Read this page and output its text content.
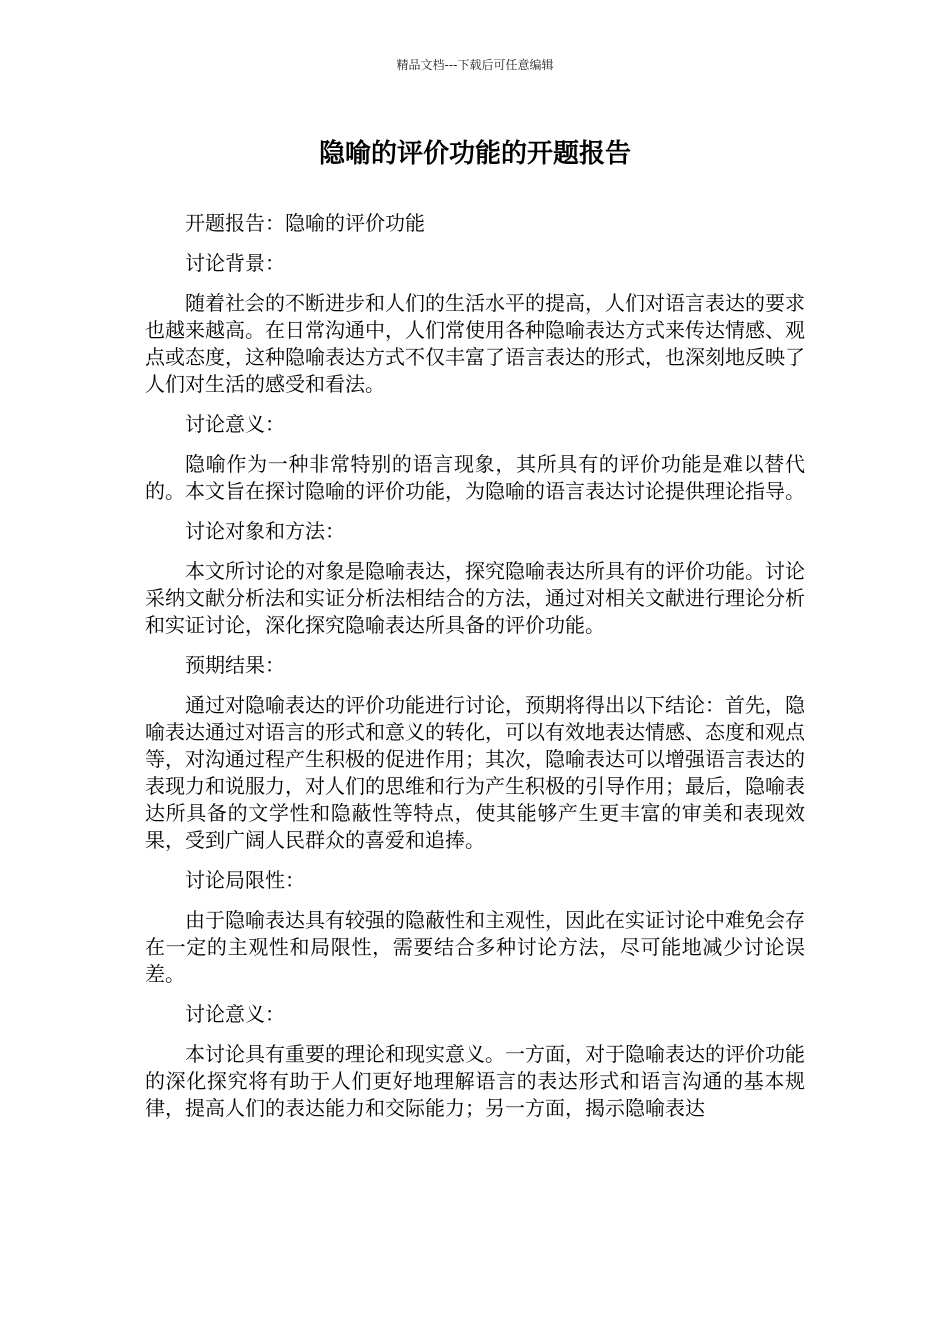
精品文档---下载后可任意编辑
隐喻的评价功能的开题报告

开题报告：隐喻的评价功能

讨论背景：

随着社会的不断进步和人们的生活水平的提高，人们对语言表达的要求也越来越高。在日常沟通中，人们常使用各种隐喻表达方式来传达情感、观点或态度，这种隐喻表达方式不仅丰富了语言表达的形式，也深刻地反映了人们对生活的感受和看法。

讨论意义：

隐喻作为一种非常特别的语言现象，其所具有的评价功能是难以替代的。本文旨在探讨隐喻的评价功能，为隐喻的语言表达讨论提供理论指导。

讨论对象和方法：

本文所讨论的对象是隐喻表达，探究隐喻表达所具有的评价功能。讨论采纳文献分析法和实证分析法相结合的方法，通过对相关文献进行理论分析和实证讨论，深化探究隐喻表达所具备的评价功能。

预期结果：

通过对隐喻表达的评价功能进行讨论，预期将得出以下结论：首先，隐喻表达通过对语言的形式和意义的转化，可以有效地表达情感、态度和观点等，对沟通过程产生积极的促进作用；其次，隐喻表达可以增强语言表达的表现力和说服力，对人们的思维和行为产生积极的引导作用；最后，隐喻表达所具备的文学性和隐蔽性等特点，使其能够产生更丰富的审美和表现效果，受到广阔人民群众的喜爱和追捧。

讨论局限性：

由于隐喻表达具有较强的隐蔽性和主观性，因此在实证讨论中难免会存在一定的主观性和局限性，需要结合多种讨论方法，尽可能地减少讨论误差。

讨论意义：

本讨论具有重要的理论和现实意义。一方面，对于隐喻表达的评价功能的深化探究将有助于人们更好地理解语言的表达形式和语言沟通的基本规律，提高人们的表达能力和交际能力；另一方面，揭示隐喻表达
